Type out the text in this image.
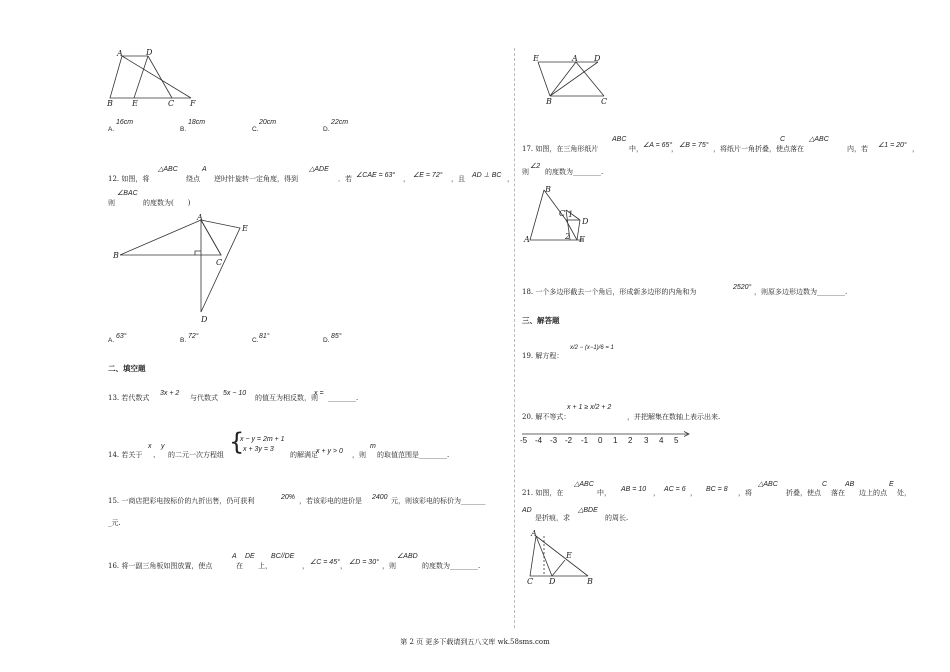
A	D
B E	C F
A.
16cm
B.
18cm
C.
20cm
D.
22cm
12. 如图，将
△ABC
绕点
A
逆时针旋转一定角度，得到
△ADE
．若 ∠CAE = 63° ， ∠E = 72° ，且 AD ⊥ BC ，
则
∠BAC
的度数为(　　)
A
E
B
C
D
A.
63°
B.
72°
C.
81°
D.
85°
二、填空题
13. 若代数式
3x + 2
与代数式
5x − 10
的值互为相反数，则
x =
________.
14. 若关于
x
、
y
的二元一次方程组 {
x − y = 2m + 1
x + 3y = 3
的解满足
x + y > 0 ，则
m
的取值范围是________.
15. 一商店把彩电按标价的九折出售，仍可获利	20% ，若该彩电的进价是 2400 元，则该彩电的标价为_______
_元.
16. 将一副三角板如图放置，使点
A
在
DE
上，
BC//DE
， ∠C = 45° ， ∠D = 30° ，则
∠ABD
的度数为________.
E	A D
B	C
17. 如图，在三角形纸片
ABC
中， ∠A = 65°
， ∠B = 75° ，将纸片一角折叠，使点
C
落在
△ABC
内，若 ∠1 = 20° ，
则
∠2
的度数为________.
B
C 1
D
A	2 E
18. 一个多边形截去一个角后，形成新多边形的内角和为
2520°
，则原多边形边数为________.
三、解答题
19. 解方程：
x/2 − (x−1)/6 = 1
20. 解不等式：
x + 1 ≥ x/2 + 2
，并把解集在数轴上表示出来.
-5 -4 -3 -2 -1 0 1 2 3 4 5
21. 如图，在
△ABC
中， AB = 10 ， AC = 6 ， BC = 8 ，将
△ABC
折叠，使点
C
落在
AB
边上的点
E
处，
AD
是折痕，求
△BDE
的周长.
A
E
C D	B
第 2 页 更多下载请到五八文库 wk.58sms.com
